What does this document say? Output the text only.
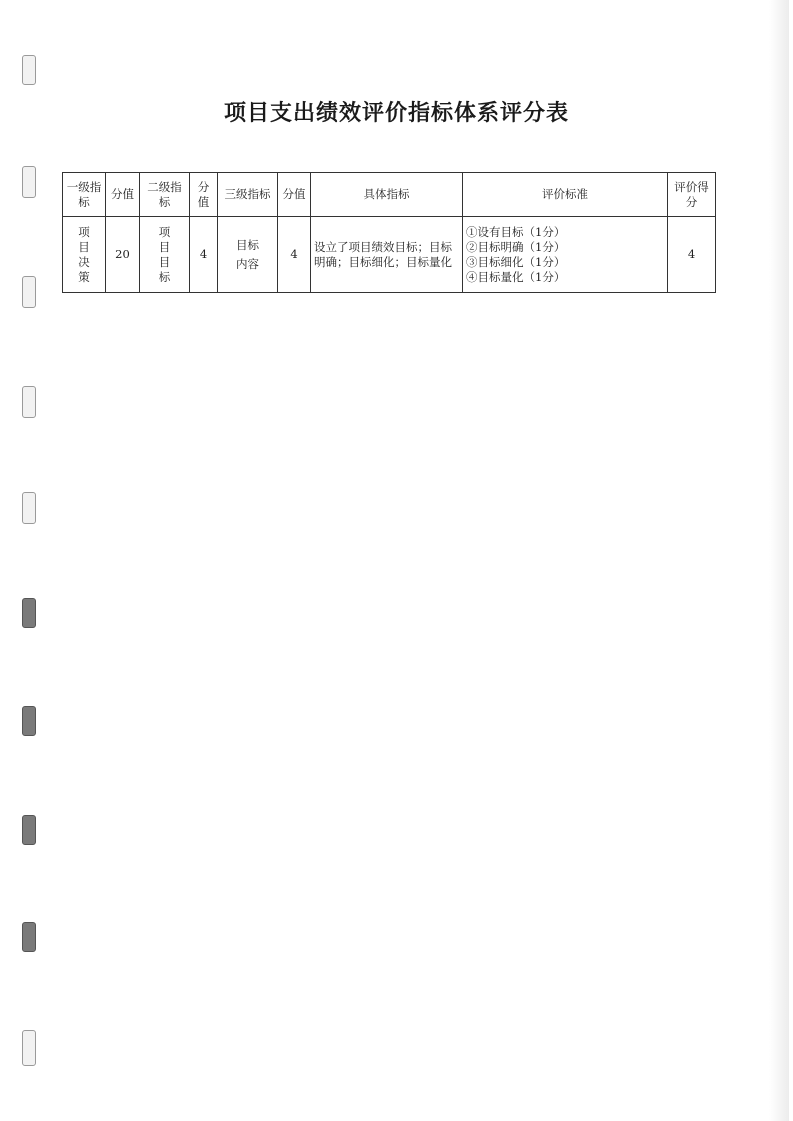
项目支出绩效评价指标体系评分表
一级指标	分值	二级指标	分值	三级指标	分值	具体指标	评价标准	评价得分

项目决策	20	项目目标	4	目标内容	4	设立了项目绩效目标；目标明确；目标细化；目标量化	①设有目标（1分）
②目标明确（1分）
③目标细化（1分）
④目标量化（1分）	4
